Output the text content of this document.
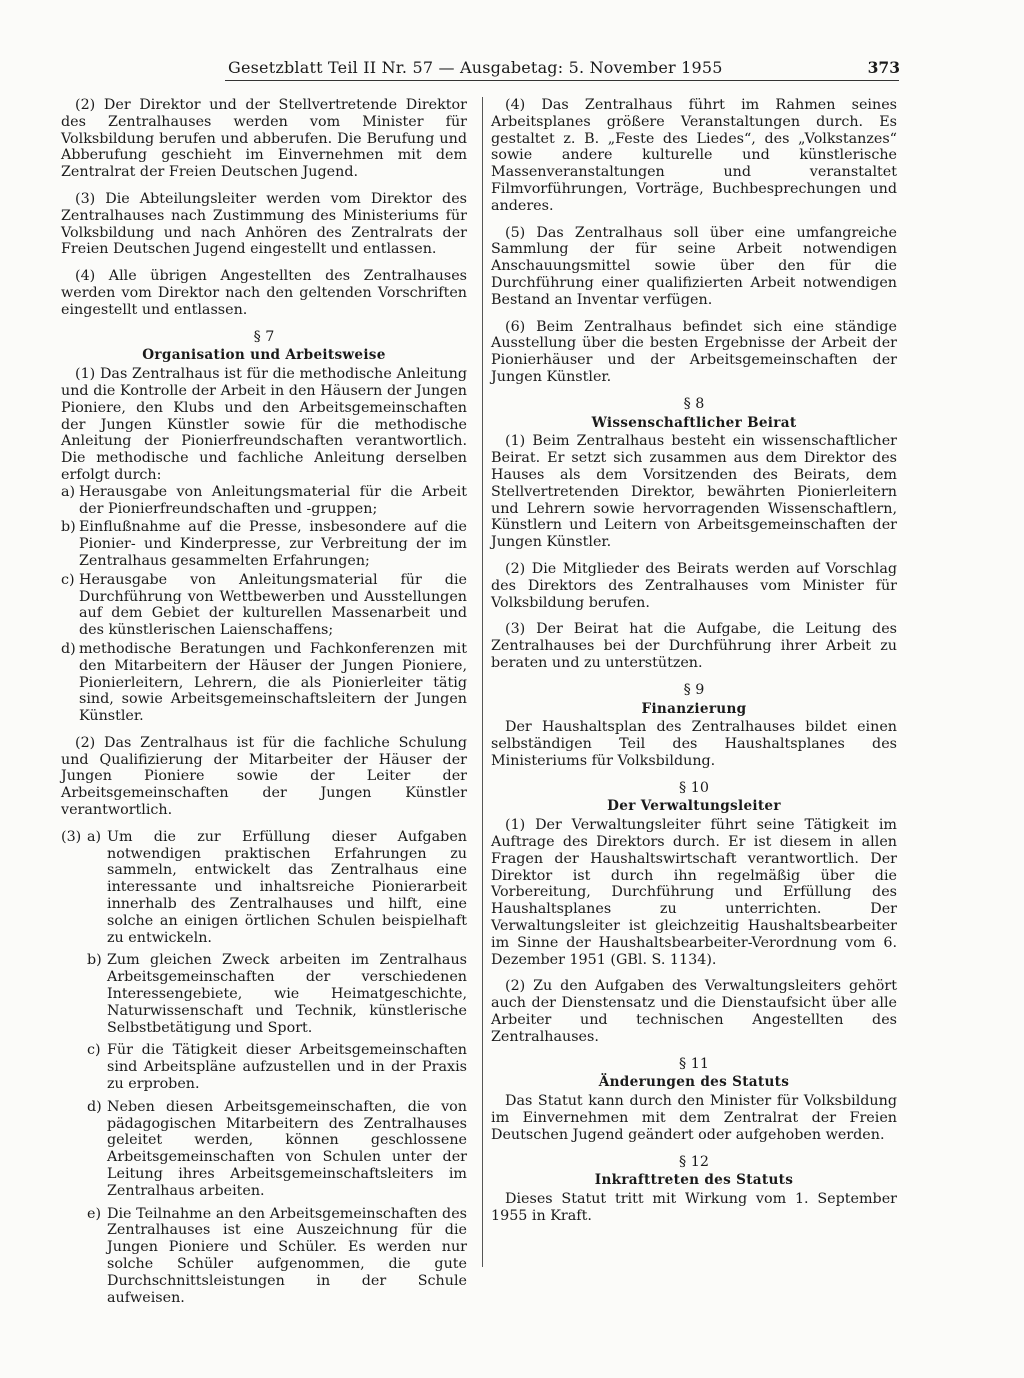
Gesetzblatt Teil II Nr. 57 — Ausgabetag: 5. November 1955	373

(2) Der Direktor und der Stellvertretende Direktor des Zentralhauses werden vom Minister für Volksbildung berufen und abberufen. Die Berufung und Abberufung geschieht im Einvernehmen mit dem Zentralrat der Freien Deutschen Jugend.

(3) Die Abteilungsleiter werden vom Direktor des Zentralhauses nach Zustimmung des Ministeriums für Volksbildung und nach Anhören des Zentralrats der Freien Deutschen Jugend eingestellt und entlassen.

(4) Alle übrigen Angestellten des Zentralhauses werden vom Direktor nach den geltenden Vorschriften eingestellt und entlassen.

§ 7
Organisation und Arbeitsweise

(1) Das Zentralhaus ist für die methodische Anleitung und die Kontrolle der Arbeit in den Häusern der Jungen Pioniere, den Klubs und den Arbeitsgemeinschaften der Jungen Künstler sowie für die methodische Anleitung der Pionierfreundschaften verantwortlich. Die methodische und fachliche Anleitung derselben erfolgt durch:

a) Herausgabe von Anleitungsmaterial für die Arbeit der Pionierfreundschaften und -gruppen;
b) Einflußnahme auf die Presse, insbesondere auf die Pionier- und Kinderpresse, zur Verbreitung der im Zentralhaus gesammelten Erfahrungen;
c) Herausgabe von Anleitungsmaterial für die Durchführung von Wettbewerben und Ausstellungen auf dem Gebiet der kulturellen Massenarbeit und des künstlerischen Laienschaffens;
d) methodische Beratungen und Fachkonferenzen mit den Mitarbeitern der Häuser der Jungen Pioniere, Pionierleitern, Lehrern, die als Pionierleiter tätig sind, sowie Arbeitsgemeinschaftsleitern der Jungen Künstler.

(2) Das Zentralhaus ist für die fachliche Schulung und Qualifizierung der Mitarbeiter der Häuser der Jungen Pioniere sowie der Leiter der Arbeitsgemeinschaften der Jungen Künstler verantwortlich.

(3) a) Um die zur Erfüllung dieser Aufgaben notwendigen praktischen Erfahrungen zu sammeln, entwickelt das Zentralhaus eine interessante und inhaltsreiche Pionierarbeit innerhalb des Zentralhauses und hilft, eine solche an einigen örtlichen Schulen beispielhaft zu entwickeln.
b) Zum gleichen Zweck arbeiten im Zentralhaus Arbeitsgemeinschaften der verschiedenen Interessengebiete, wie Heimatgeschichte, Naturwissenschaft und Technik, künstlerische Selbstbetätigung und Sport.
c) Für die Tätigkeit dieser Arbeitsgemeinschaften sind Arbeitspläne aufzustellen und in der Praxis zu erproben.
d) Neben diesen Arbeitsgemeinschaften, die von pädagogischen Mitarbeitern des Zentralhauses geleitet werden, können geschlossene Arbeitsgemeinschaften von Schulen unter der Leitung ihres Arbeitsgemeinschaftsleiters im Zentralhaus arbeiten.
e) Die Teilnahme an den Arbeitsgemeinschaften des Zentralhauses ist eine Auszeichnung für die Jungen Pioniere und Schüler. Es werden nur solche Schüler aufgenommen, die gute Durchschnittsleistungen in der Schule aufweisen.

(4) Das Zentralhaus führt im Rahmen seines Arbeitsplanes größere Veranstaltungen durch. Es gestaltet z. B. „Feste des Liedes“, des „Volkstanzes“ sowie andere kulturelle und künstlerische Massenveranstaltungen und veranstaltet Filmvorführungen, Vorträge, Buchbesprechungen und anderes.

(5) Das Zentralhaus soll über eine umfangreiche Sammlung der für seine Arbeit notwendigen Anschauungsmittel sowie über den für die Durchführung einer qualifizierten Arbeit notwendigen Bestand an Inventar verfügen.

(6) Beim Zentralhaus befindet sich eine ständige Ausstellung über die besten Ergebnisse der Arbeit der Pionierhäuser und der Arbeitsgemeinschaften der Jungen Künstler.

§ 8
Wissenschaftlicher Beirat

(1) Beim Zentralhaus besteht ein wissenschaftlicher Beirat. Er setzt sich zusammen aus dem Direktor des Hauses als dem Vorsitzenden des Beirats, dem Stellvertretenden Direktor, bewährten Pionierleitern und Lehrern sowie hervorragenden Wissenschaftlern, Künstlern und Leitern von Arbeitsgemeinschaften der Jungen Künstler.

(2) Die Mitglieder des Beirats werden auf Vorschlag des Direktors des Zentralhauses vom Minister für Volksbildung berufen.

(3) Der Beirat hat die Aufgabe, die Leitung des Zentralhauses bei der Durchführung ihrer Arbeit zu beraten und zu unterstützen.

§ 9
Finanzierung

Der Haushaltsplan des Zentralhauses bildet einen selbständigen Teil des Haushaltsplanes des Ministeriums für Volksbildung.

§ 10
Der Verwaltungsleiter

(1) Der Verwaltungsleiter führt seine Tätigkeit im Auftrage des Direktors durch. Er ist diesem in allen Fragen der Haushaltswirtschaft verantwortlich. Der Direktor ist durch ihn regelmäßig über die Vorbereitung, Durchführung und Erfüllung des Haushaltsplanes zu unterrichten. Der Verwaltungsleiter ist gleichzeitig Haushaltsbearbeiter im Sinne der Haushaltsbearbeiter-Verordnung vom 6. Dezember 1951 (GBl. S. 1134).

(2) Zu den Aufgaben des Verwaltungsleiters gehört auch der Dienstensatz und die Dienstaufsicht über alle Arbeiter und technischen Angestellten des Zentralhauses.

§ 11
Änderungen des Statuts

Das Statut kann durch den Minister für Volksbildung im Einvernehmen mit dem Zentralrat der Freien Deutschen Jugend geändert oder aufgehoben werden.

§ 12
Inkrafttreten des Statuts

Dieses Statut tritt mit Wirkung vom 1. September 1955 in Kraft.
